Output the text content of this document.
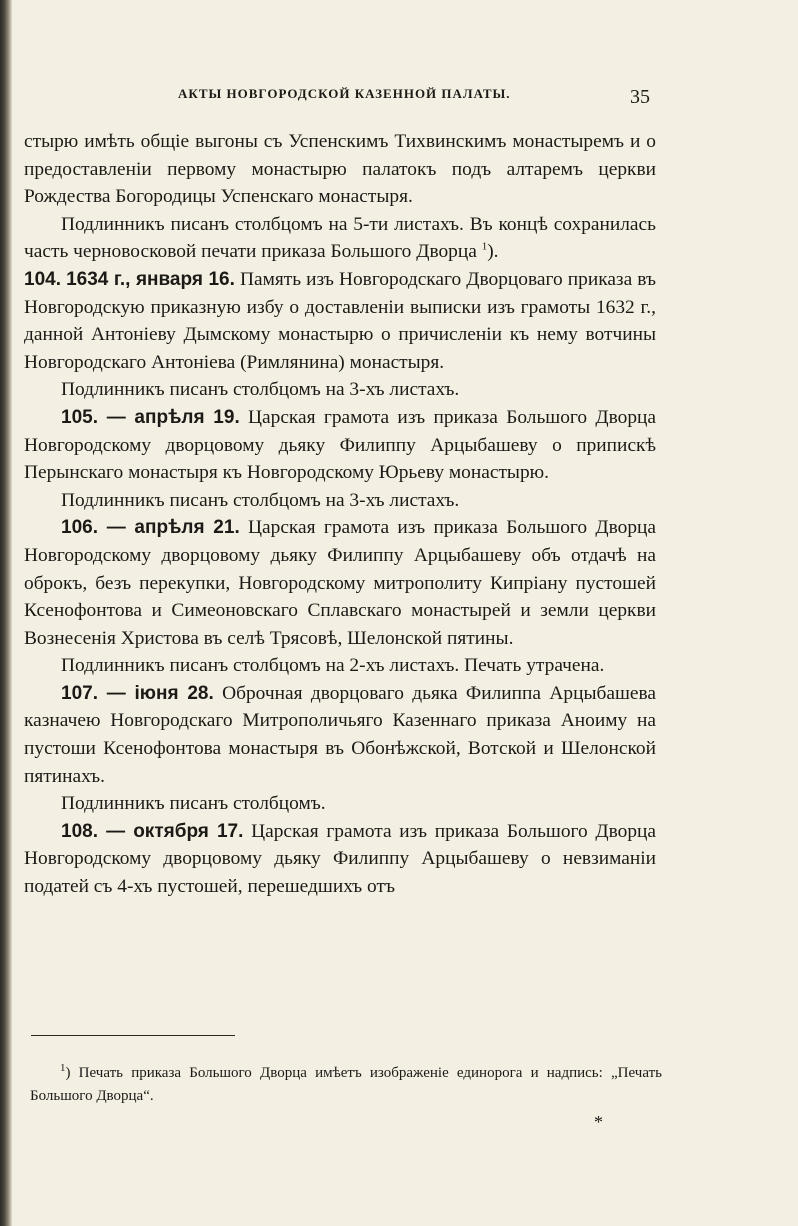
АКТЫ НОВГОРОДСКОЙ КАЗЕННОЙ ПАЛАТЫ.	35

стырю имѣть общіе выгоны съ Успенскимъ Тихвинскимъ монастыремъ и о предоставленіи первому монастырю палатокъ подъ алтаремъ церкви Рождества Богородицы Успенскаго монастыря.

Подлинникъ писанъ столбцомъ на 5-ти листахъ. Въ концѣ сохранилась часть черновосковой печати приказа Большого Дворца $^1$).

104. 1634 г., января 16. Память изъ Новгородскаго Дворцоваго приказа въ Новгородскую приказную избу о доставленіи выписки изъ грамоты 1632 г., данной Антоніеву Дымскому монастырю о причисленіи къ нему вотчины Новгородскаго Антоніева (Римлянина) монастыря.

Подлинникъ писанъ столбцомъ на 3-хъ листахъ.

105. — апрѣля 19. Царская грамота изъ приказа Большого Дворца Новгородскому дворцовому дьяку Филиппу Арцыбашеву о припискѣ Перынскаго монастыря къ Новгородскому Юрьеву монастырю.

Подлинникъ писанъ столбцомъ на 3-хъ листахъ.

106. — апрѣля 21. Царская грамота изъ приказа Большого Дворца Новгородскому дворцовому дьяку Филиппу Арцыбашеву объ отдачѣ на оброкъ, безъ перекупки, Новгородскому митрополиту Кипріану пустошей Ксенофонтова и Симеоновскаго Сплавскаго монастырей и земли церкви Вознесенія Христова въ селѣ Трясовѣ, Шелонской пятины.

Подлинникъ писанъ столбцомъ на 2-хъ листахъ. Печать утрачена.

107. — іюня 28. Оброчная дворцоваго дьяка Филиппа Арцыбашева казначею Новгородскаго Митрополичьяго Казеннаго приказа Аноиму на пустоши Ксенофонтова монастыря въ Обонѣжской, Вотской и Шелонской пятинахъ.

Подлинникъ писанъ столбцомъ.

108. — октября 17. Царская грамота изъ приказа Большого Дворца Новгородскому дворцовому дьяку Филиппу Арцыбашеву о невзиманіи податей съ 4-хъ пустошей, перешедшихъ отъ

$^1$) Печать приказа Большого Дворца имѣетъ изображеніе единорога и надпись: „Печать Большого Дворца“.

*
